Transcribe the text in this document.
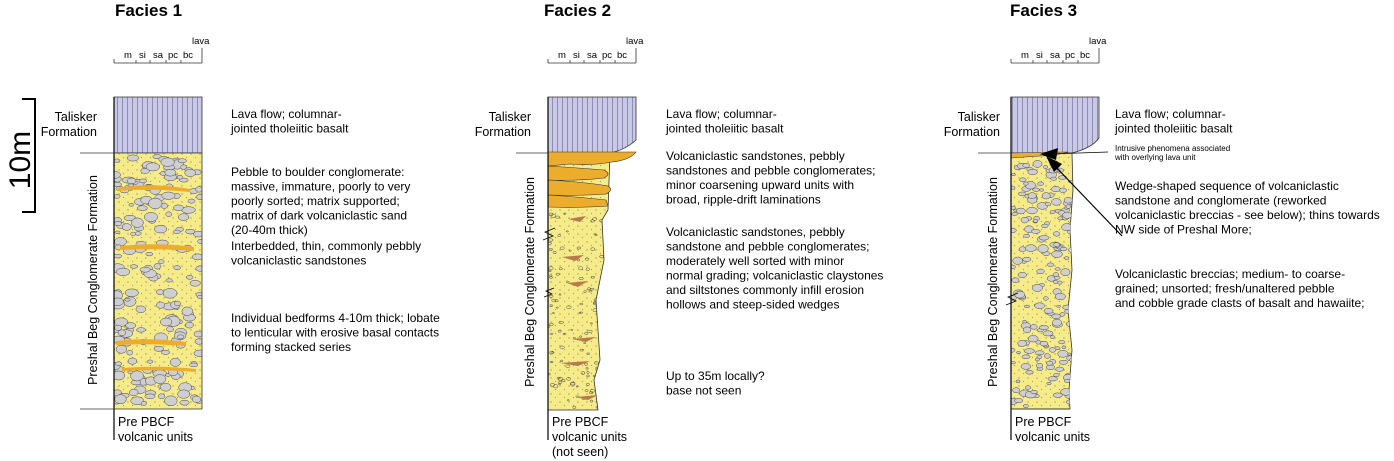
Facies 1	Facies 2	Facies 3
m si sa pc bc
lava
m si sa pc bc
lava
m si sa pc bc
lava
10m
Talisker
Formation
Preshal Beg Conglomerate Formation
Pre PBCF
volcanic units
Talisker
Formation
Preshal Beg Conglomerate Formation
Pre PBCF
volcanic units
(not seen)
Talisker
Formation
Preshal Beg Conglomerate Formation
Pre PBCF
volcanic units
Intrusive phenomena associated
with overlying lava unit
Lava flow; columnar-
jointed tholeiitic basalt
Pebble to boulder conglomerate:
massive, immature, poorly to very
poorly sorted; matrix supported;
matrix of dark volcaniclastic sand
(20-40m thick)
Interbedded, thin, commonly pebbly
volcaniclastic sandstones
Individual bedforms 4-10m thick; lobate
to lenticular with erosive basal contacts
forming stacked series
Lava flow; columnar-
jointed tholeiitic basalt
Volcaniclastic sandstones, pebbly
sandstones and pebble conglomerates;
minor coarsening upward units with
broad, ripple-drift laminations
Volcaniclastic sandstones, pebbly
sandstone and pebble conglomerates;
moderately well sorted with minor
normal grading; volcaniclastic claystones
and siltstones commonly infill erosion
hollows and steep-sided wedges
Up to 35m locally?
base not seen
Lava flow; columnar-
jointed tholeiitic basalt
Wedge-shaped sequence of volcaniclastic
sandstone and conglomerate (reworked
volcaniclastic breccias - see below); thins towards
NW side of Preshal More;
Volcaniclastic breccias; medium- to coarse-
grained; unsorted; fresh/unaltered pebble
and cobble grade clasts of basalt and hawaiite;
